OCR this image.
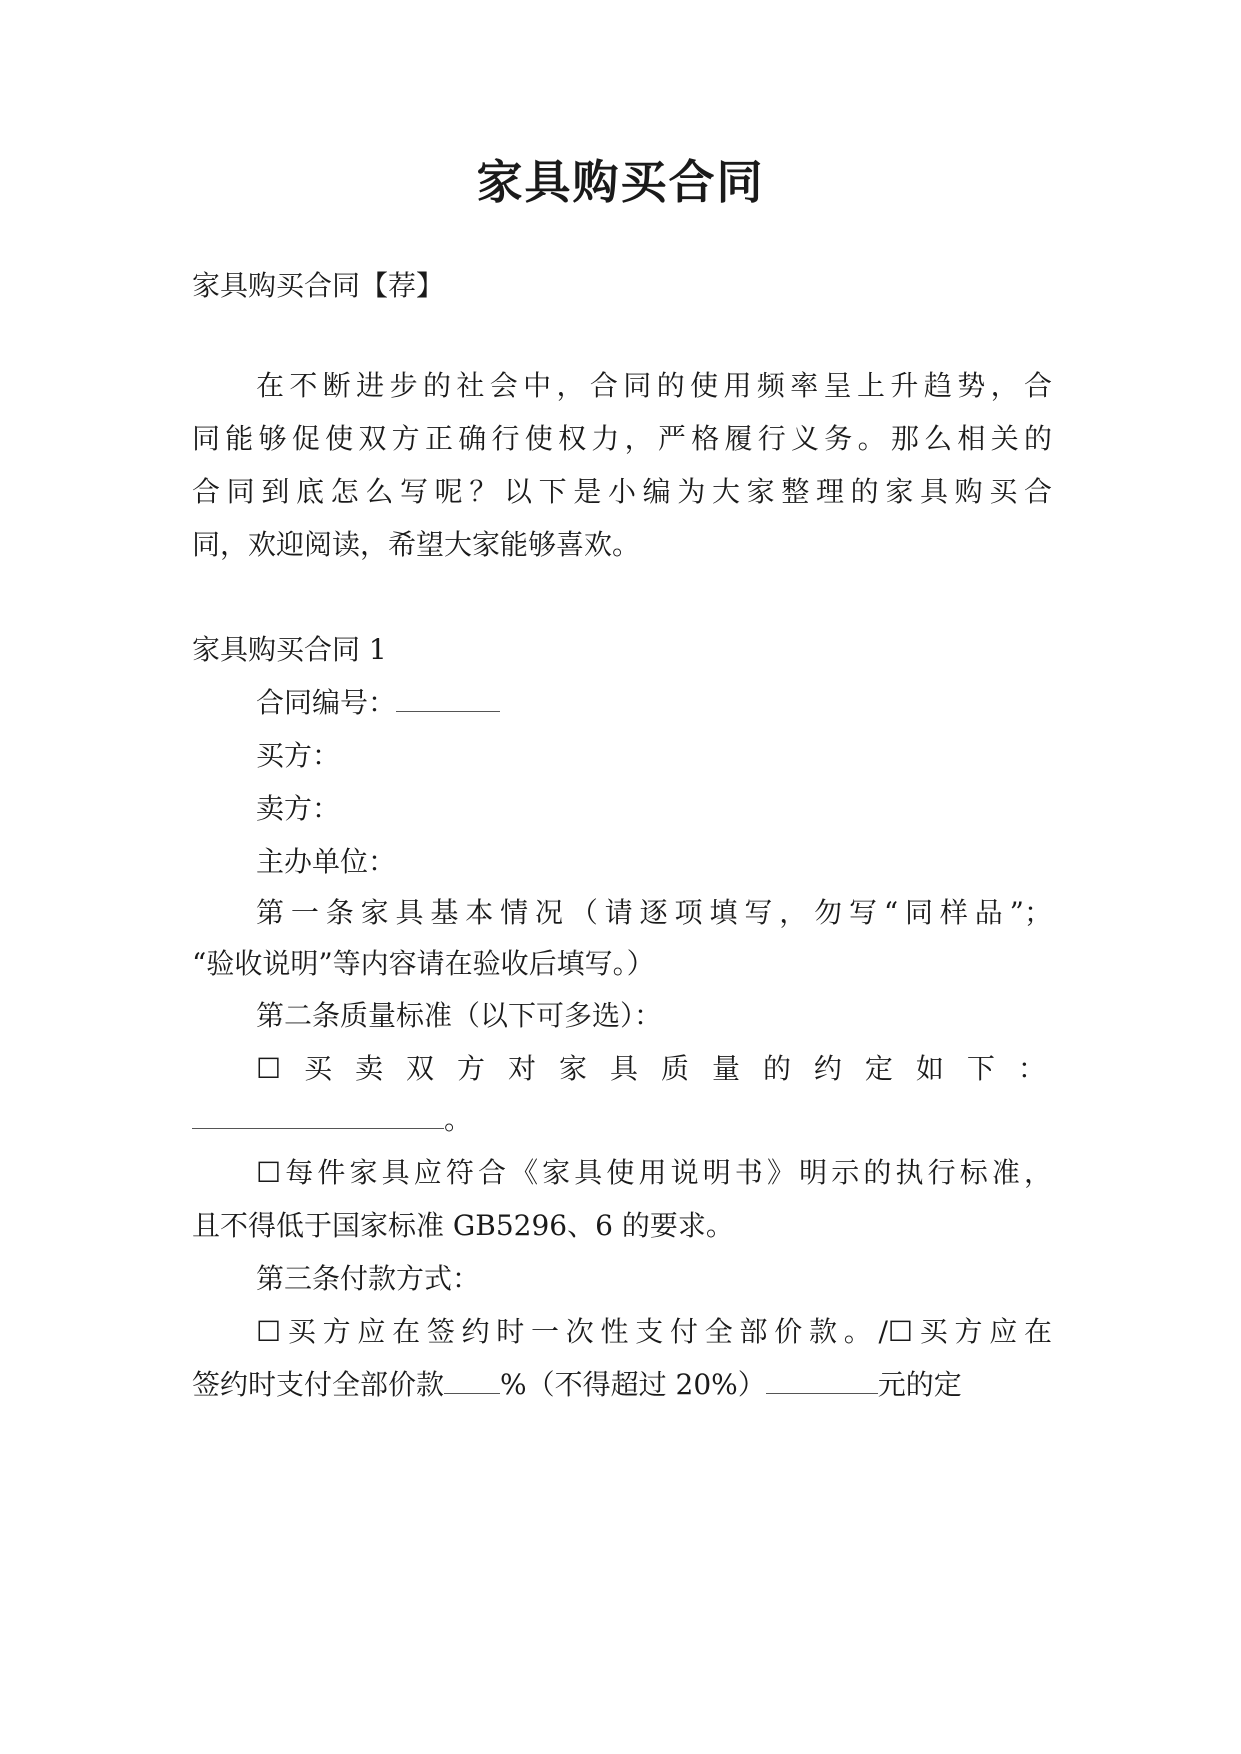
家具购买合同

家具购买合同【荐】

在不断进步的社会中，合同的使用频率呈上升趋势，合

同能够促使双方正确行使权力，严格履行义务。那么相关的

合同到底怎么写呢？以下是小编为大家整理的家具购买合

同，欢迎阅读，希望大家能够喜欢。

家具购买合同 1

合同编号：

买方：

卖方：

主办单位：

第一条家具基本情况（请逐项填写，勿写“同样品”；

“验收说明”等内容请在验收后填写。）

第二条质量标准（以下可多选）：

☐ 买 卖 双 方 对 家 具 质 量 的 约 定 如 下 ：

。

☐每件家具应符合《家具使用说明书》明示的执行标准，

且不得低于国家标准 GB5296、6 的要求。

第三条付款方式：

☐买方应在签约时一次性支付全部价款。/☐买方应在

签约时支付全部价款 %（不得超过 20%）	元的定
